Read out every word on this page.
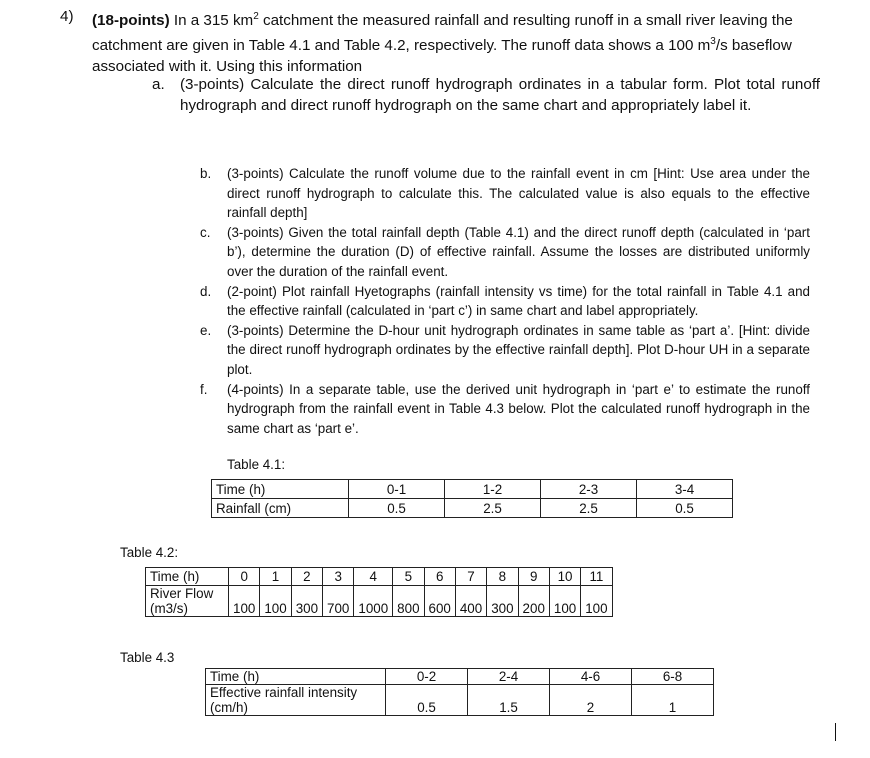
4) (18-points) In a 315 $km^2$ catchment the measured rainfall and resulting runoff in a small river leaving the catchment are given in Table 4.1 and Table 4.2, respectively. The runoff data shows a 100 $m^3/s$ baseflow associated with it. Using this information
a. (3-points) Calculate the direct runoff hydrograph ordinates in a tabular form. Plot total runoff hydrograph and direct runoff hydrograph on the same chart and appropriately label it.
b. (3-points) Calculate the runoff volume due to the rainfall event in cm [Hint: Use area under the direct runoff hydrograph to calculate this. The calculated value is also equals to the effective rainfall depth]
c. (3-points) Given the total rainfall depth (Table 4.1) and the direct runoff depth (calculated in ‘part b’), determine the duration (D) of effective rainfall. Assume the losses are distributed uniformly over the duration of the rainfall event.
d. (2-point) Plot rainfall Hyetographs (rainfall intensity vs time) for the total rainfall in Table 4.1 and the effective rainfall (calculated in ‘part c’) in same chart and label appropriately.
e. (3-points) Determine the D-hour unit hydrograph ordinates in same table as ‘part a’. [Hint: divide the direct runoff hydrograph ordinates by the effective rainfall depth]. Plot D-hour UH in a separate plot.
f. (4-points) In a separate table, use the derived unit hydrograph in ‘part e’ to estimate the runoff hydrograph from the rainfall event in Table 4.3 below. Plot the calculated runoff hydrograph in the same chart as ‘part e’.
Table 4.1:
Time (h)	0-1	1-2	2-3	3-4
Rainfall (cm)	0.5	2.5	2.5	0.5
Table 4.2:
Time (h)	0	1	2	3	4	5	6	7	8	9	10	11
River Flow
(m3/s)	100	100	300	700	1000	800	600	400	300	200	100	100
Table 4.3
Time (h)	0-2	2-4	4-6	6-8
Effective rainfall intensity
(cm/h)	0.5	1.5	2	1
